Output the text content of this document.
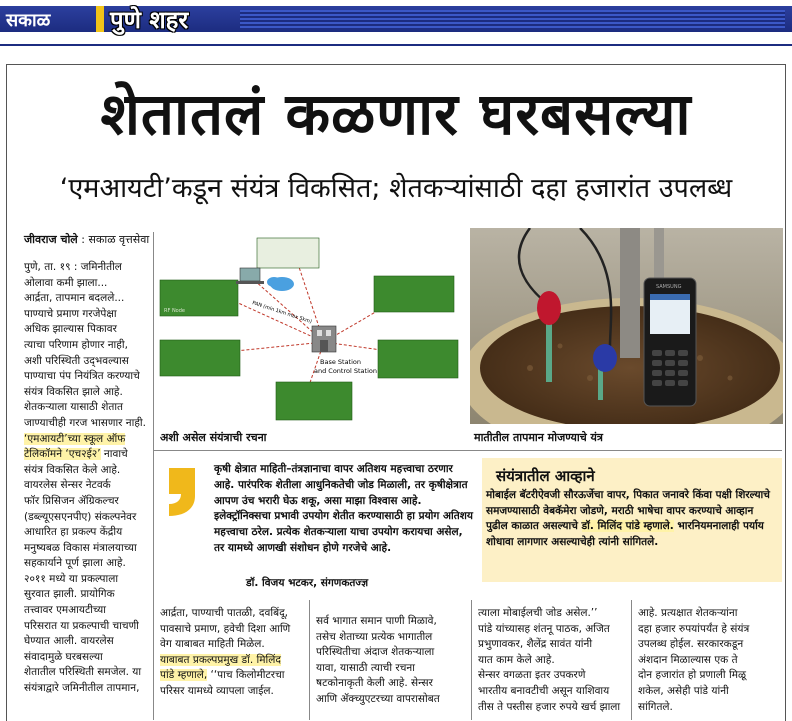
सकाळ पुणे शहर
शेतातलं कळणार घरबसल्या
‘एमआयटी’कडून संयंत्र विकसित; शेतकऱ्यांसाठी दहा हजारांत उपलब्ध
जीवराज चोले : सकाळ वृत्तसेवा
पुणे, ता. १९ : जमिनीतील
ओलावा कमी झाला...
आर्द्रता, तापमान बदलले...
पाण्याचे प्रमाण गरजेपेक्षा
अधिक झाल्यास पिकावर
त्याचा परिणाम होणार नाही,
अशी परिस्थिती उद्‍भवल्यास
पाण्याचा पंप नियंत्रित करण्याचे
संयंत्र विकसित झाले आहे.
शेतकऱ्याला यासाठी शेतात
जाण्याचीही गरज भासणार नाही.
‘एमआयटी’च्या स्कूल ऑफ
टेलिकॉमने ‘एच२ई२’ नावाचे
संयंत्र विकसित केले आहे.
वायरलेस सेन्सर नेटवर्क
फॉर प्रिसिजन ॲग्रिकल्चर
(डब्ल्यूएसएनपीए) संकल्पनेवर
आधारित हा प्रकल्प केंद्रीय
मनुष्यबळ विकास मंत्रालयाच्या
सहकार्याने पूर्ण झाला आहे.
२०११ मध्ये या प्रकल्पाला
सुरवात झाली. प्रायोगिक
तत्त्वावर एमआयटीच्या
परिसरात या प्रकल्पाची चाचणी
घेण्यात आली. वायरलेस
संवादामुळे घरबसल्या
शेतातील परिस्थिती समजेल. या
संयंत्राद्वारे जमिनीतील तापमान,
RF Node
Base Station
and Control Station
PAN (min 1km max 5km)
अशी असेल संयंत्राची रचना
SAMSUNG
मातीतील तापमान मोजण्याचे यंत्र
कृषी क्षेत्रात माहिती–तंत्रज्ञानाचा वापर अतिशय महत्त्वाचा ठरणार आहे. पारंपरिक शेतीला आधुनिकतेची जोड मिळाली, तर कृषीक्षेत्रात आपण उंच भरारी घेऊ शकू, असा माझा विश्वास आहे. इलेक्ट्रॉनिक्सचा प्रभावी उपयोग शेतीत करण्यासाठी हा प्रयोग अतिशय महत्त्वाचा ठरेल. प्रत्येक शेतकऱ्याला याचा उपयोग करायचा असेल, तर यामध्ये आणखी संशोधन होणे गरजेचे आहे.
डॉ. विजय भटकर, संगणकतज्ज्ञ
संयंत्रातील आव्हाने
मोबाईल बॅटरीऐवजी सौरऊर्जेचा वापर, पिकात जनावरे किंवा पक्षी शिरल्याचे समजण्यासाठी वेबकॅमेरा जोडणे, मराठी भाषेचा वापर करण्याचे आव्हान पुढील काळात असल्याचे डॉ. मिलिंद पांडे म्हणाले. भारनियमनालाही पर्याय शोधावा लागणार असल्याचेही त्यांनी सांगितले.
आर्द्रता, पाण्याची पातळी, दवबिंदू,
पावसाचे प्रमाण, हवेची दिशा आणि
वेग याबाबत माहिती मिळेल.
याबाबत प्रकल्पप्रमुख डॉ. मिलिंद
पांडे म्हणाले, ‘‘पाच किलोमीटरचा
परिसर यामध्ये व्यापला जाईल.
सर्व भागात समान पाणी मिळावे,
तसेच शेताच्या प्रत्येक भागातील
परिस्थितीचा अंदाज शेतकऱ्याला
यावा, यासाठी त्याची रचना
षटकोनाकृती केली आहे. सेन्सर
आणि ॲक्च्युएटरच्या वापरासोबत
त्याला मोबाईलची जोड असेल.’’
पांडे यांच्यासह शंतनू पाठक, अजित
प्रभुणावकर, शैलेंद्र सावंत यांनी
यात काम केले आहे.
सेन्सर वगळता इतर उपकरणे
भारतीय बनावटीची असून याशिवाय
तीस ते पस्तीस हजार रुपये खर्च झाला
आहे. प्रत्यक्षात शेतकऱ्यांना
दहा हजार रुपयांपर्यंत हे संयंत्र
उपलब्ध होईल. सरकारकडून
अंशदान मिळाल्यास एक ते
दोन हजारांत हो प्रणाली मिळू
शकेल, असेही पांडे यांनी
सांगितले.
